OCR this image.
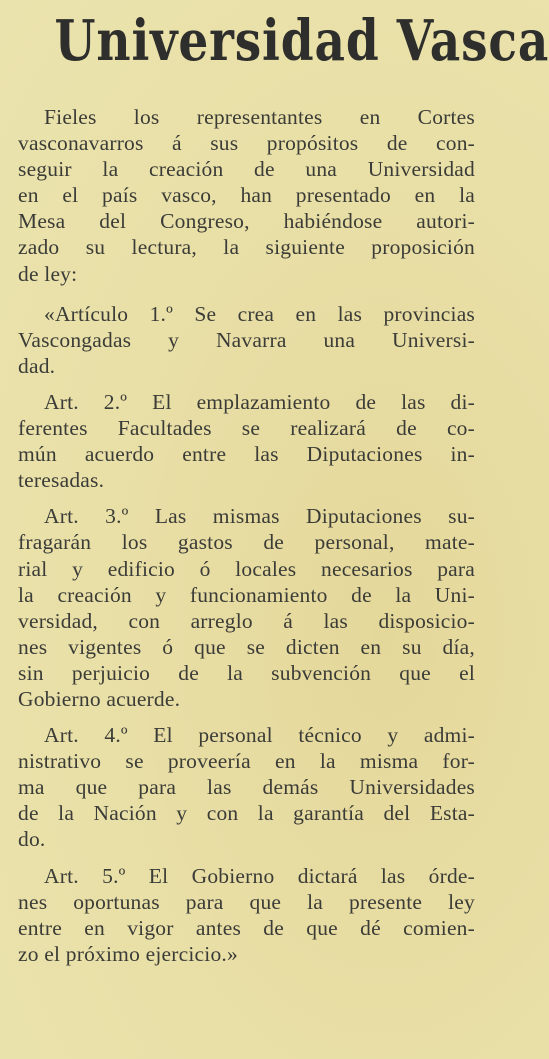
Universidad Vasca
Fieles los representantes en Cortes
vasconavarros á sus propósitos de con-
seguir la creación de una Universidad
en el país vasco, han presentado en la
Mesa del Congreso, habiéndose autori-
zado su lectura, la siguiente proposición
de ley:
«Artículo 1.º Se crea en las provincias
Vascongadas y Navarra una Universi-
dad.
Art. 2.º El emplazamiento de las di-
ferentes Facultades se realizará de co-
mún acuerdo entre las Diputaciones in-
teresadas.
Art. 3.º Las mismas Diputaciones su-
fragarán los gastos de personal, mate-
rial y edificio ó locales necesarios para
la creación y funcionamiento de la Uni-
versidad, con arreglo á las disposicio-
nes vigentes ó que se dicten en su día,
sin perjuicio de la subvención que el
Gobierno acuerde.
Art. 4.º El personal técnico y admi-
nistrativo se proveería en la misma for-
ma que para las demás Universidades
de la Nación y con la garantía del Esta-
do.
Art. 5.º El Gobierno dictará las órde-
nes oportunas para que la presente ley
entre en vigor antes de que dé comien-
zo el próximo ejercicio.»
